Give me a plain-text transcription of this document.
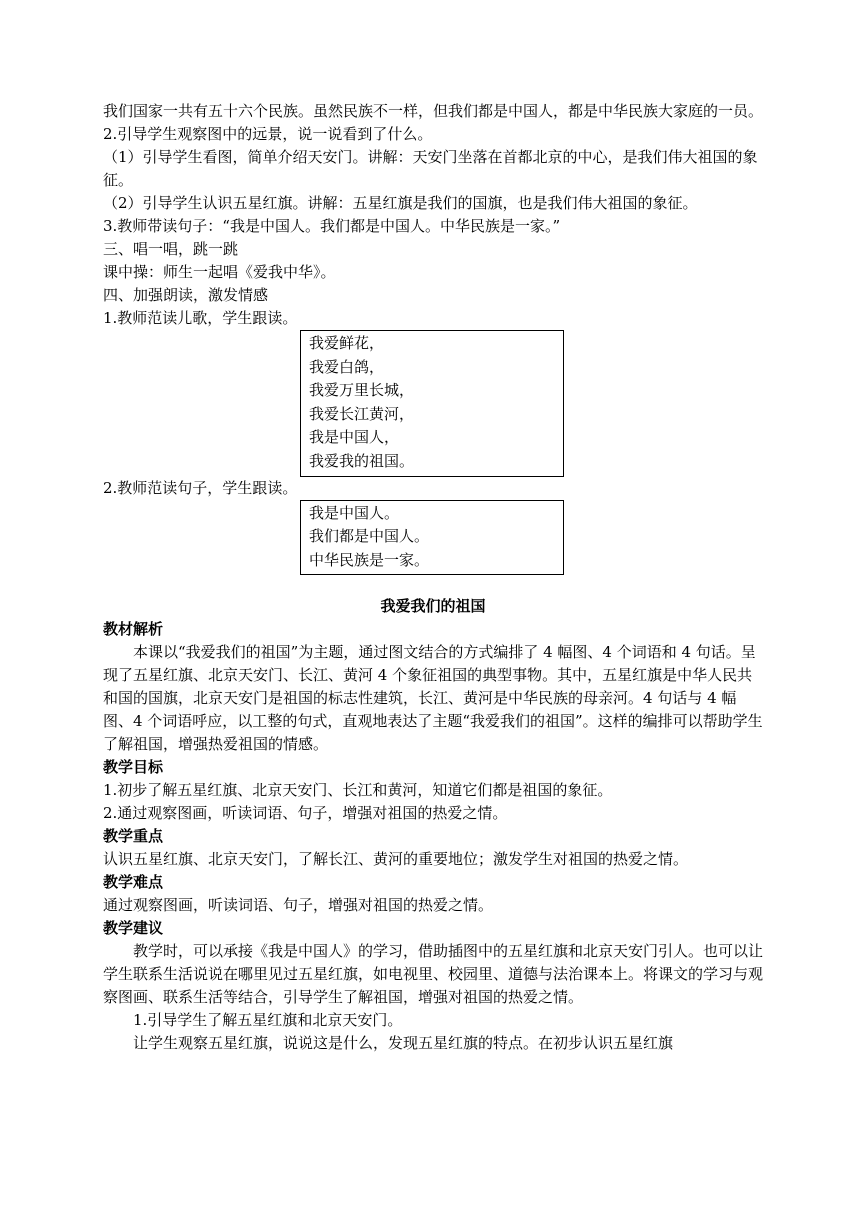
我们国家一共有五十六个民族。虽然民族不一样，但我们都是中国人，都是中华民族大家庭的一员。

2.引导学生观察图中的远景，说一说看到了什么。

（1）引导学生看图，简单介绍天安门。讲解：天安门坐落在首都北京的中心，是我们伟大祖国的象征。

（2）引导学生认识五星红旗。讲解：五星红旗是我们的国旗，也是我们伟大祖国的象征。

3.教师带读句子：“我是中国人。我们都是中国人。中华民族是一家。”

三、唱一唱，跳一跳

课中操：师生一起唱《爱我中华》。

四、加强朗读，激发情感

1.教师范读儿歌，学生跟读。

我爱鲜花，
我爱白鸽，
我爱万里长城，
我爱长江黄河，
我是中国人，
我爱我的祖国。

2.教师范读句子，学生跟读。

我是中国人。
我们都是中国人。
中华民族是一家。
我爱我们的祖国
教材解析

本课以“我爱我们的祖国”为主题，通过图文结合的方式编排了 4 幅图、4 个词语和 4 句话。呈现了五星红旗、北京天安门、长江、黄河 4 个象征祖国的典型事物。其中，五星红旗是中华人民共和国的国旗，北京天安门是祖国的标志性建筑，长江、黄河是中华民族的母亲河。4 句话与 4 幅图、4 个词语呼应，以工整的句式，直观地表达了主题“我爱我们的祖国”。这样的编排可以帮助学生了解祖国，增强热爱祖国的情感。

教学目标

1.初步了解五星红旗、北京天安门、长江和黄河，知道它们都是祖国的象征。

2.通过观察图画，听读词语、句子，增强对祖国的热爱之情。

教学重点

认识五星红旗、北京天安门，了解长江、黄河的重要地位；激发学生对祖国的热爱之情。

教学难点

通过观察图画，听读词语、句子，增强对祖国的热爱之情。

教学建议

教学时，可以承接《我是中国人》的学习，借助插图中的五星红旗和北京天安门引人。也可以让学生联系生活说说在哪里见过五星红旗，如电视里、校园里、道德与法治课本上。将课文的学习与观察图画、联系生活等结合，引导学生了解祖国，增强对祖国的热爱之情。

1.引导学生了解五星红旗和北京天安门。

让学生观察五星红旗，说说这是什么，发现五星红旗的特点。在初步认识五星红旗
